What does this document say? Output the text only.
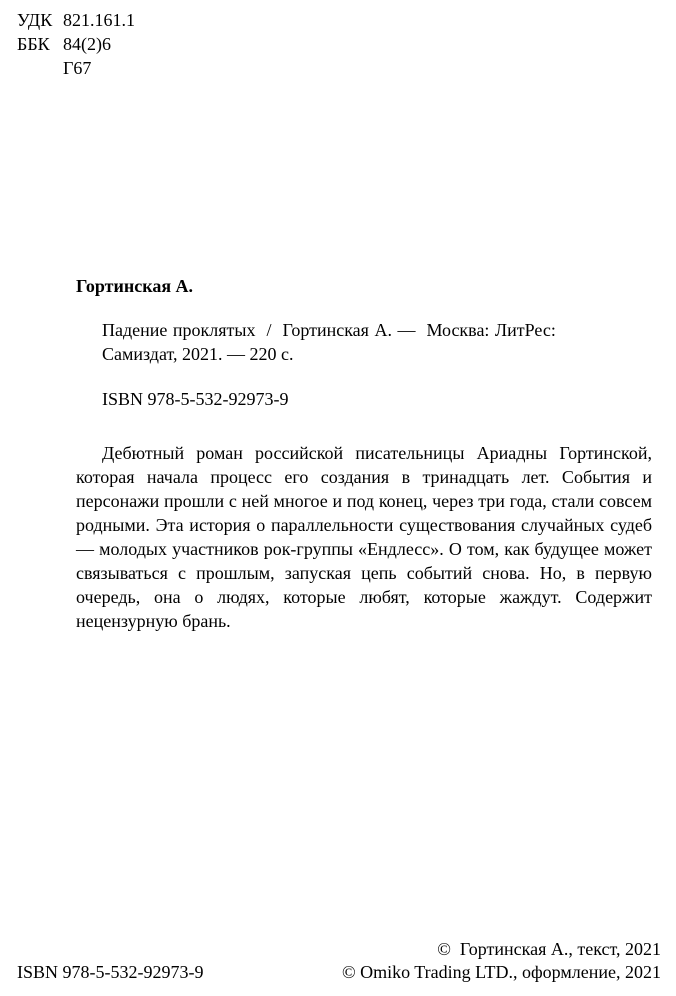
УДК 821.161.1
ББК 84(2)6
Г67
Гортинская А.
Падение проклятых  /  Гортинская А. —  Москва: ЛитРес:
Самиздат, 2021. — 220 с.
ISBN 978-5-532-92973-9

Дебютный роман российской писательницы Ариадны Гортинской, которая начала процесс его создания в тринадцать лет. События и персонажи прошли с ней многое и под конец, через три года, стали совсем родными. Эта история о параллельности существования случайных судеб — молодых участников рок-группы «Ендлесс». О том, как будущее может связываться с прошлым, запуская цепь событий снова. Но, в первую очередь, она о людях, которые любят, которые жаждут. Содержит нецензурную брань.

ISBN 978-5-532-92973-9
©  Гортинская А., текст, 2021
© Omiko Trading LTD., оформление, 2021
